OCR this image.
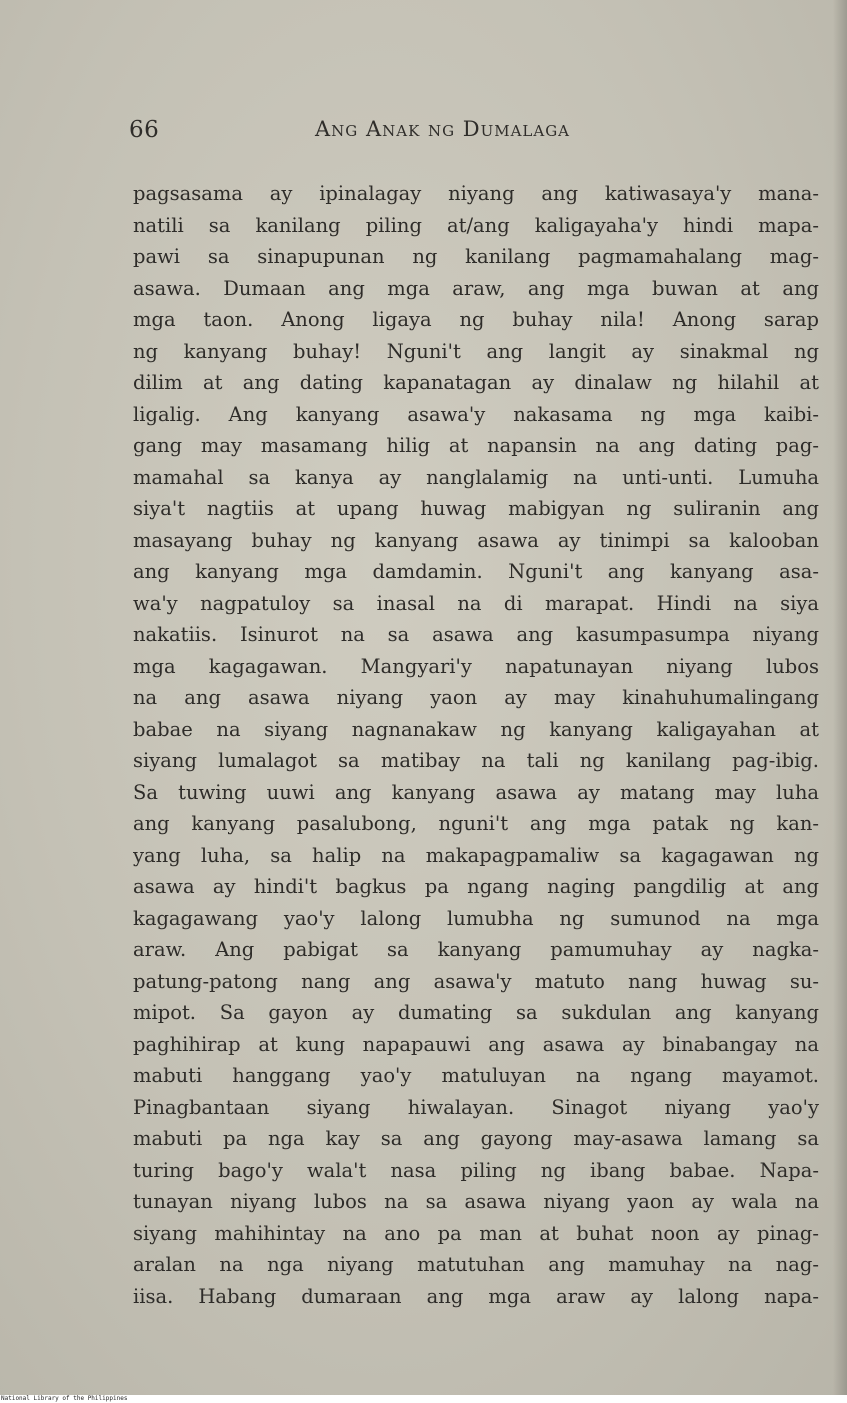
66	Ang Anak ng Dumalaga
pagsasama ay ipinalagay niyang ang katiwasaya'y mana-
natili sa kanilang piling at/ang kaligayaha'y hindi mapa-
pawi sa sinapupunan ng kanilang pagmamahalang mag-
asawa. Dumaan ang mga araw, ang mga buwan at ang
mga taon. Anong ligaya ng buhay nila! Anong sarap
ng kanyang buhay! Nguni't ang langit ay sinakmal ng
dilim at ang dating kapanatagan ay dinalaw ng hilahil at
ligalig. Ang kanyang asawa'y nakasama ng mga kaibi-
gang may masamang hilig at napansin na ang dating pag-
mamahal sa kanya ay nanglalamig na unti-unti. Lumuha
siya't nagtiis at upang huwag mabigyan ng suliranin ang
masayang buhay ng kanyang asawa ay tinimpi sa kalooban
ang kanyang mga damdamin. Nguni't ang kanyang asa-
wa'y nagpatuloy sa inasal na di marapat. Hindi na siya
nakatiis. Isinurot na sa asawa ang kasumpasumpa niyang
mga kagagawan. Mangyari'y napatunayan niyang lubos
na ang asawa niyang yaon ay may kinahuhumalingang
babae na siyang nagnanakaw ng kanyang kaligayahan at
siyang lumalagot sa matibay na tali ng kanilang pag-ibig.
Sa tuwing uuwi ang kanyang asawa ay matang may luha
ang kanyang pasalubong, nguni't ang mga patak ng kan-
yang luha, sa halip na makapagpamaliw sa kagagawan ng
asawa ay hindi't bagkus pa ngang naging pangdilig at ang
kagagawang yao'y lalong lumubha ng sumunod na mga
araw. Ang pabigat sa kanyang pamumuhay ay nagka-
patung-patong nang ang asawa'y matuto nang huwag su-
mipot. Sa gayon ay dumating sa sukdulan ang kanyang
paghihirap at kung napapauwi ang asawa ay binabangay na
mabuti hanggang yao'y matuluyan na ngang mayamot.
Pinagbantaan siyang hiwalayan. Sinagot niyang yao'y
mabuti pa nga kay sa ang gayong may-asawa lamang sa
turing bago'y wala't nasa piling ng ibang babae. Napa-
tunayan niyang lubos na sa asawa niyang yaon ay wala na
siyang mahihintay na ano pa man at buhat noon ay pinag-
aralan na nga niyang matutuhan ang mamuhay na nag-
iisa. Habang dumaraan ang mga araw ay lalong napa-
National Library of the Philippines
